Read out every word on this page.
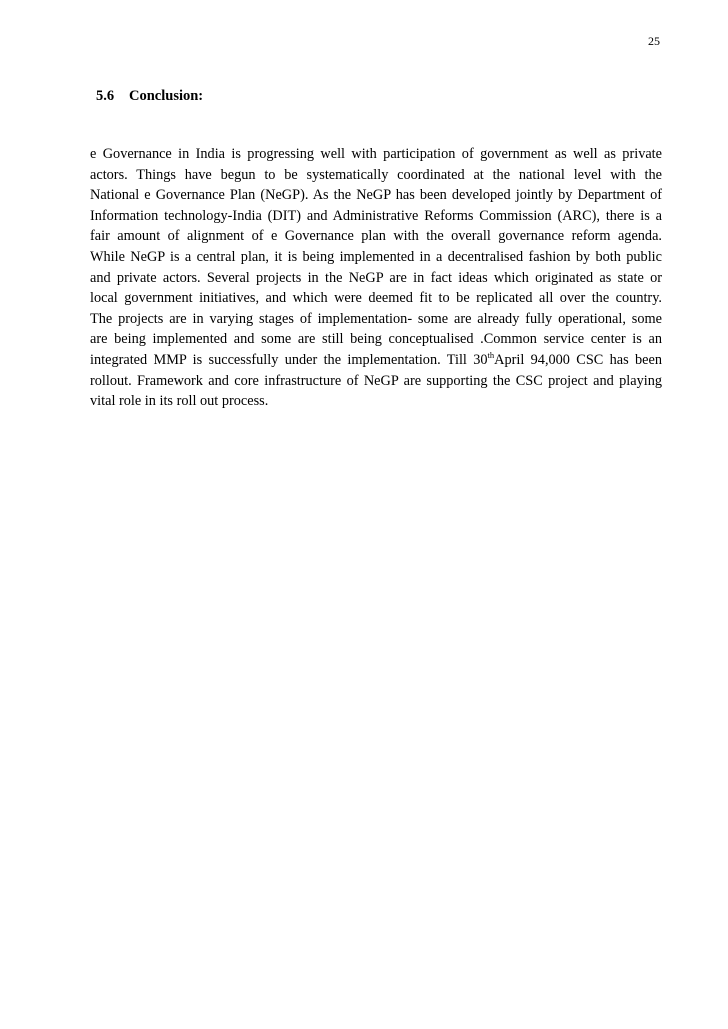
25
5.6 Conclusion:
e Governance in India is progressing well with participation of government as well as private
actors. Things have begun to be systematically coordinated at the national level with the
National e Governance Plan (NeGP). As the NeGP has been developed jointly by Department of
Information technology-India (DIT) and Administrative Reforms Commission (ARC), there is a
fair amount of alignment of e Governance plan with the overall governance reform agenda.
While NeGP is a central plan, it is being implemented in a decentralised fashion by both public
and private actors. Several projects in the NeGP are in fact ideas which originated as state or
local government initiatives, and which were deemed fit to be replicated all over the country.
The projects are in varying stages of implementation- some are already fully operational, some
are being implemented and some are still being conceptualised .Common service center is an
integrated MMP is successfully under the implementation. Till 30thApril 94,000 CSC has been
rollout. Framework and core infrastructure of NeGP are supporting the CSC project and playing
vital role in its roll out process.
